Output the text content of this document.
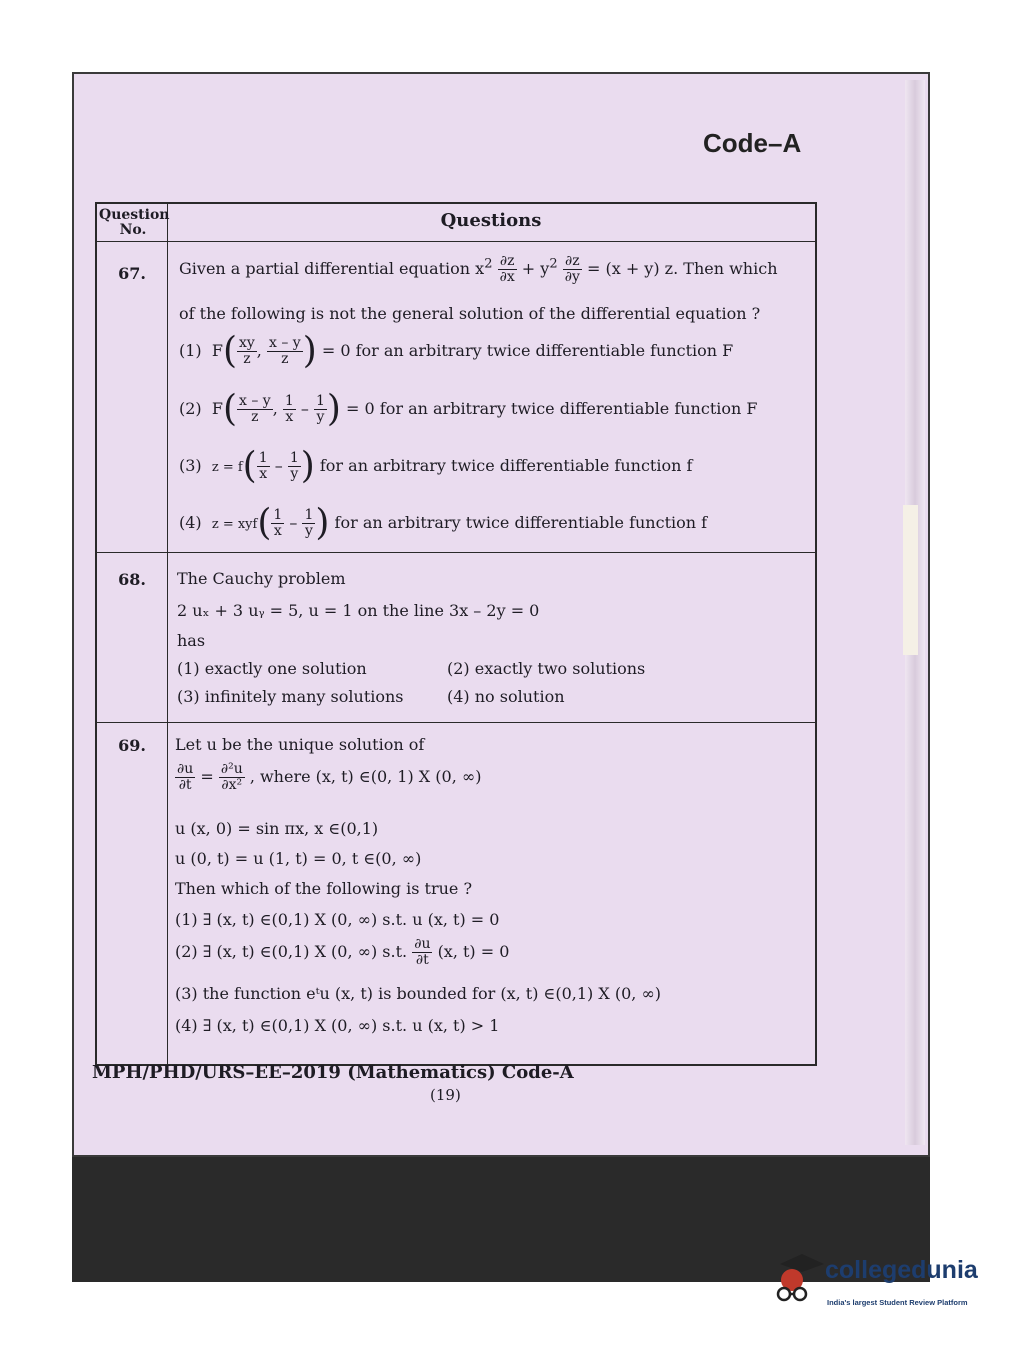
Code–A
Question No.	Questions
67.	Given a partial differential equation $x^2 \frac{\partial z}{\partial x} + y^2 \frac{\partial z}{\partial y} = (x + y)$ z. Then which
of the following is not the general solution of the differential equation ?
(1)  $F( \frac{xy}{z}$ , $\frac{x - y}{z}$ ) = 0 for an arbitrary twice differentiable function F
(2)  $F( \frac{x - y}{z}$ , $\frac{1}{x} - \frac{1}{y}$ ) = 0 for an arbitrary twice differentiable function F
(3)  $z = f( \frac{1}{x} - \frac{1}{y}$ ) for an arbitrary twice differentiable function f
(4)  $z = xyf( \frac{1}{x} - \frac{1}{y}$ ) for an arbitrary twice differentiable function f
68.	The Cauchy problem
2 uₓ + 3 uᵧ = 5, u = 1 on the line 3x – 2y = 0
has
(1) exactly one solution	(2) exactly two solutions
(3) infinitely many solutions	(4) no solution
69.	Let u be the unique solution of
$\frac{\partial u}{\partial t} = \frac{\text{∂²u}}{\text{∂x²}}$ , where (x, t) ∈(0, 1) X (0, ∞)
u (x, 0) = sin πx, x ∈(0,1)
u (0, t) = u (1, t) = 0, t ∈(0, ∞)
Then which of the following is true ?
(1) ∃ (x, t) ∈(0,1) X (0, ∞) s.t. u (x, t) = 0
(2) ∃ (x, t) ∈(0,1) X (0, ∞) s.t. $\frac{\partial u}{\partial t} (x$, t) = 0
(3) the function eᵗu (x, t) is bounded for (x, t) ∈(0,1) X (0, ∞)
(4) ∃ (x, t) ∈(0,1) X (0, ∞) s.t. u (x, t) > 1
MPH/PHD/URS–EE–2019 (Mathematics) Code-A
(19)
collegedunia
India's largest Student Review Platform
